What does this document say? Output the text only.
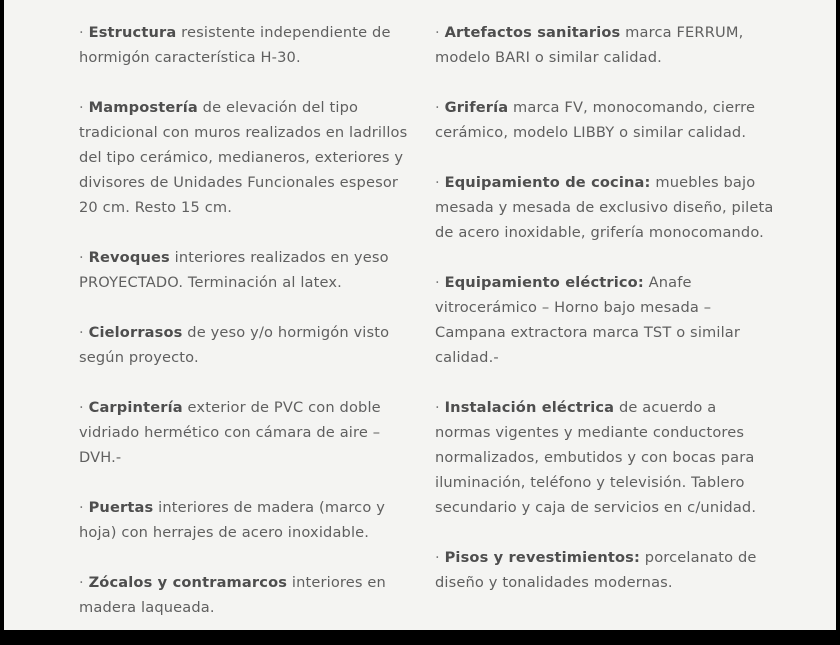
· Estructura resistente independiente de hormigón característica H-30.
· Mampostería de elevación del tipo tradicional con muros realizados en ladrillos del tipo cerámico, medianeros, exteriores y divisores de Unidades Funcionales espesor 20 cm. Resto 15 cm.
· Revoques interiores realizados en yeso PROYECTADO. Terminación al latex.
· Cielorrasos de yeso y/o hormigón visto según proyecto.
· Carpintería exterior de PVC con doble vidriado hermético con cámara de aire – DVH.-
· Puertas interiores de madera (marco y hoja) con herrajes de acero inoxidable.
· Zócalos y contramarcos interiores en madera laqueada.
· Artefactos sanitarios marca FERRUM, modelo BARI o similar calidad.
· Grifería marca FV, monocomando, cierre cerámico, modelo LIBBY o similar calidad.
· Equipamiento de cocina: muebles bajo mesada y mesada de exclusivo diseño, pileta de acero inoxidable, grifería monocomando.
· Equipamiento eléctrico: Anafe vitrocerámico – Horno bajo mesada – Campana extractora marca TST o similar calidad.-
· Instalación eléctrica de acuerdo a normas vigentes y mediante conductores normalizados, embutidos y con bocas para iluminación, teléfono y televisión. Tablero secundario y caja de servicios en c/unidad.
· Pisos y revestimientos: porcelanato de diseño y tonalidades modernas.
